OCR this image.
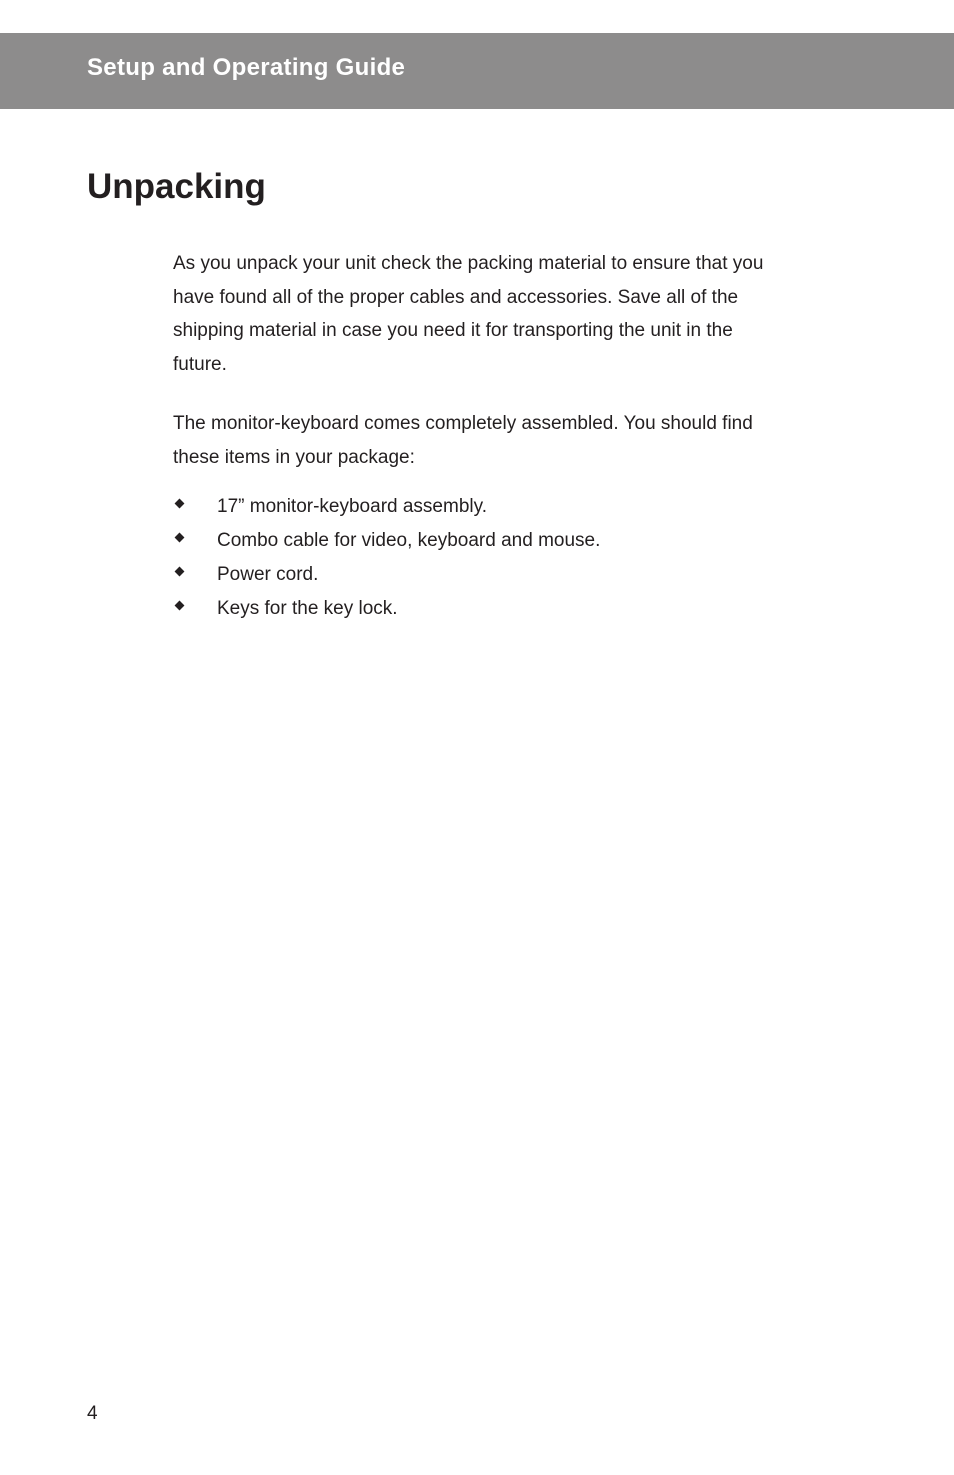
Setup and Operating Guide
Unpacking

As you unpack your unit check the packing material to ensure that you have found all of the proper cables and accessories. Save all of the shipping material in case you need it for transporting the unit in the future.

The monitor-keyboard comes completely assembled. You should find these items in your package:

17” monitor-keyboard assembly.
Combo cable for video, keyboard and mouse.
Power cord.
Keys for the key lock.
4
